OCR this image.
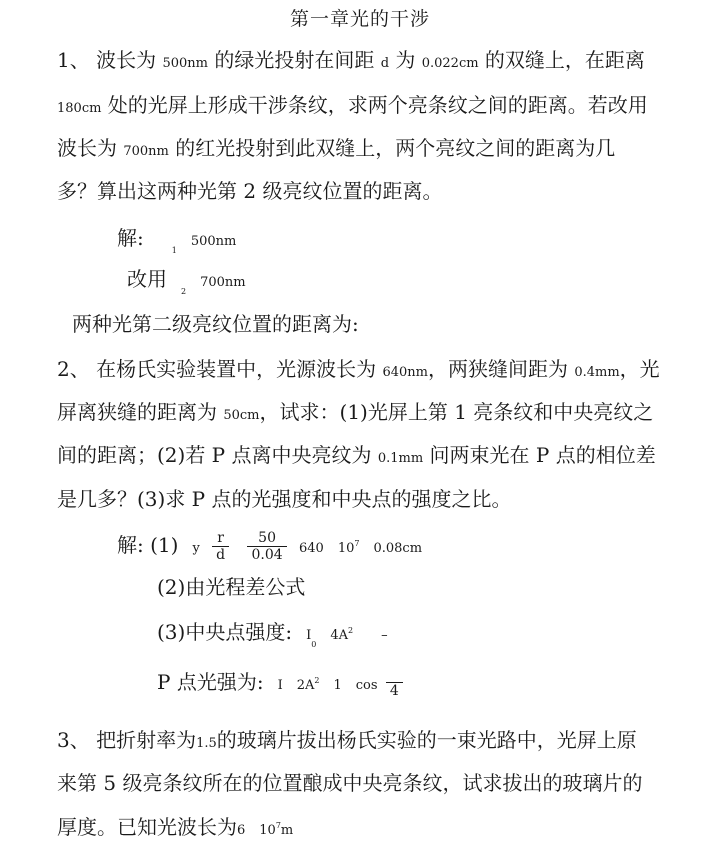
第一章光的干涉
1、 波长为 500nm 的绿光投射在间距 d 为 0.022cm 的双缝上，在距离
180cm 处的光屏上形成干涉条纹，求两个亮条纹之间的距离。若改用
波长为 700nm 的红光投射到此双缝上，两个亮纹之间的距离为几
多？算出这两种光第 2 级亮纹位置的距离。
解$:_1500nm$
改用$_2$700nm
两种光第二级亮纹位置的距离为:
2、 在杨氏实验装置中，光源波长为 640nm，两狭缝间距为 0.4mm，光
屏离狭缝的距离为 50cm，试求：(1)光屏上第 1 亮条纹和中央亮纹之
间的距离；(2)若 P 点离中央亮纹为 0.1mm 问两束光在 P 点的相位差
是几多？(3)求 P 点的光强度和中央点的强度之比。
解: (1) y $\frac{r}{d}$
$\frac{50}{0.04} 640$ $10^7$ 0.08cm
(2)由光程差公式
(3)中央点强度: $I_04A^2$ –
P 点光强为: I $2A^2$ 1 cos 4
3、 把折射率为1.5的玻璃片拔出杨氏实验的一束光路中，光屏上原
来第 5 级亮条纹所在的位置酿成中央亮条纹，试求拔出的玻璃片的
厚度。已知光波长为6 $10^7m$
